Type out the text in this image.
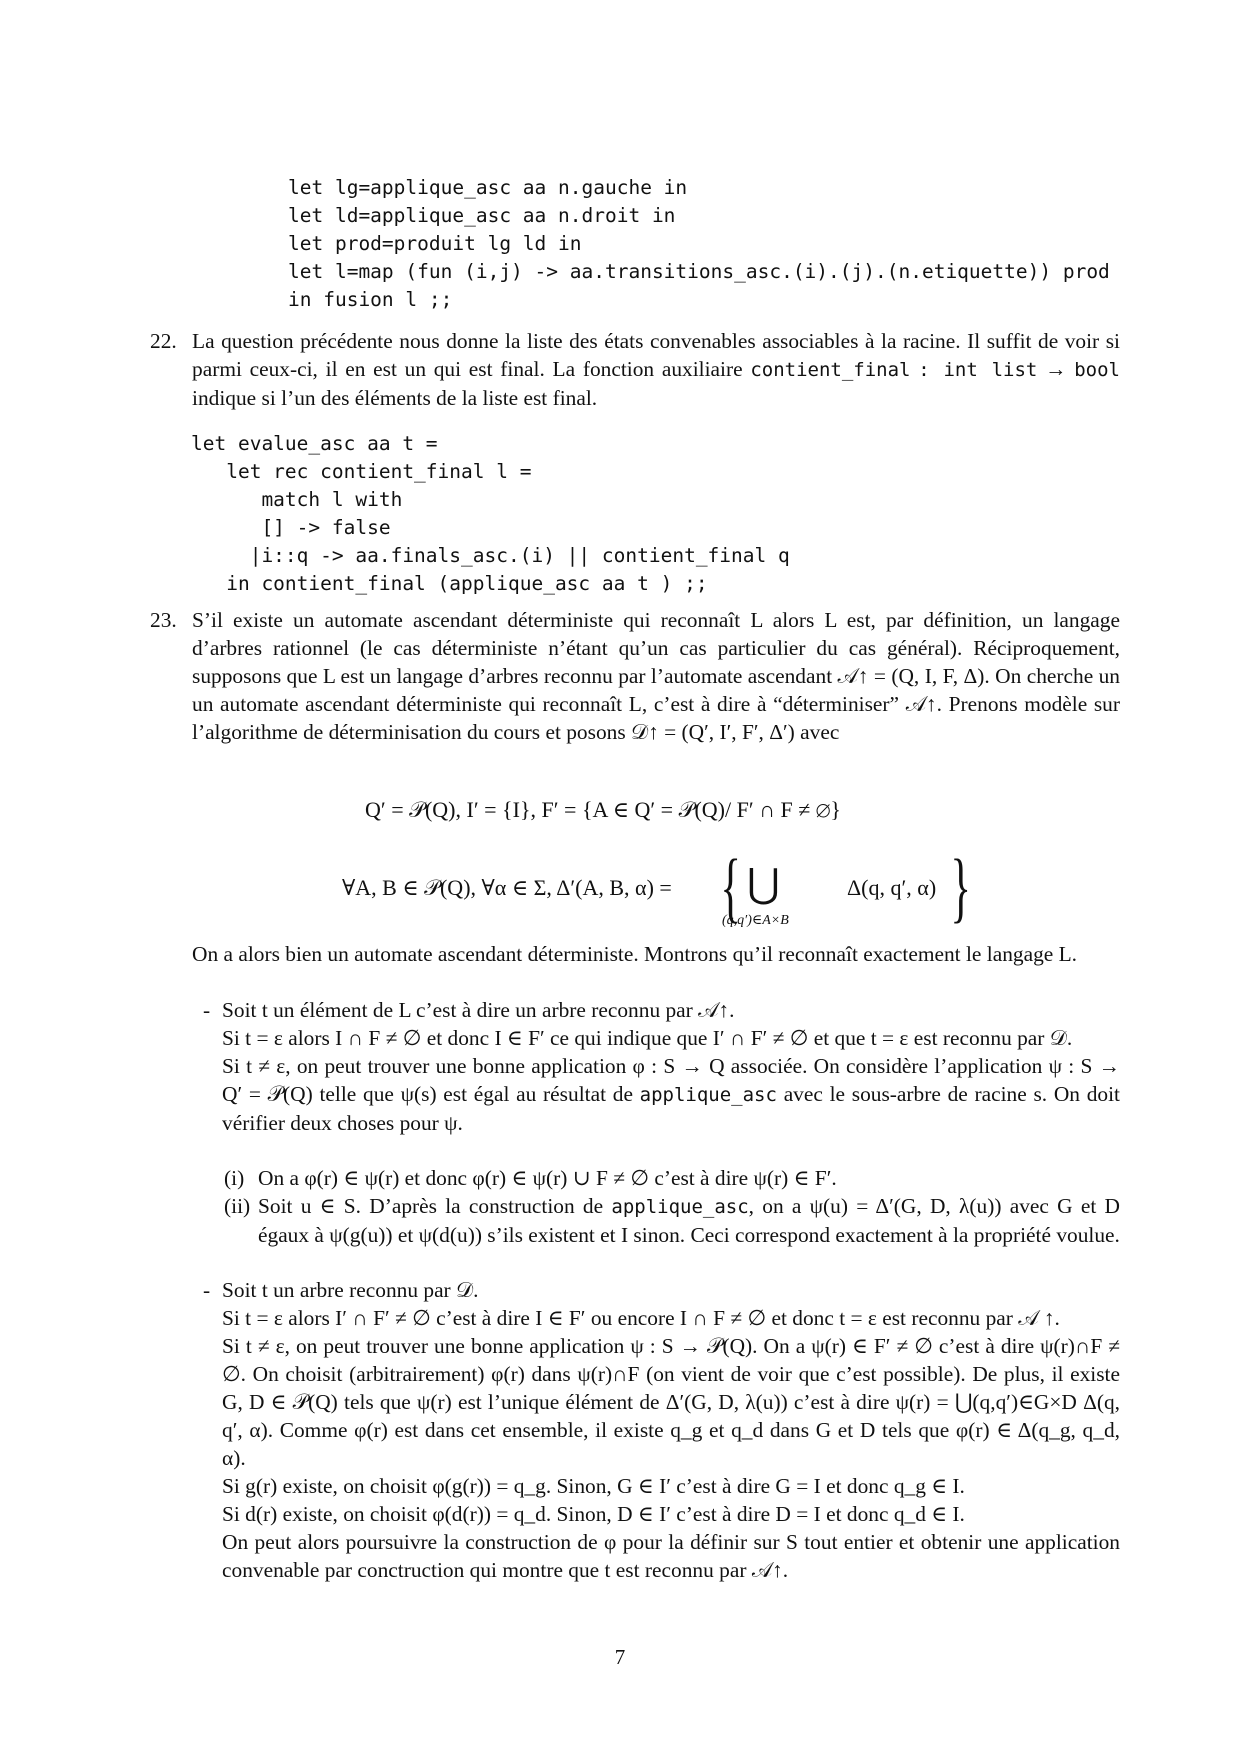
let lg=applique_asc aa n.gauche in
let ld=applique_asc aa n.droit in
let prod=produit lg ld in
let l=map (fun (i,j) -> aa.transitions_asc.(i).(j).(n.etiquette)) prod
in fusion l ;;
22. La question précédente nous donne la liste des états convenables associables à la racine. Il suffit de voir si parmi ceux-ci, il en est un qui est final. La fonction auxiliaire contient_final : int list → bool indique si l’un des éléments de la liste est final.
let evalue_asc aa t =
let rec contient_final l =
match l with
[] -> false
|i::q -> aa.finals_asc.(i) || contient_final q
in contient_final (applique_asc aa t ) ;;
23. S’il existe un automate ascendant déterministe qui reconnaît L alors L est, par définition, un langage d’arbres rationnel (le cas déterministe n’étant qu’un cas particulier du cas général). Réciproquement, supposons que L est un langage d’arbres reconnu par l’automate ascendant 𝒜↑ = (Q, I, F, Δ). On cherche un un automate ascendant déterministe qui reconnaît L, c’est à dire à “déterminiser” 𝒜↑. Prenons modèle sur l’algorithme de déterminisation du cours et posons 𝒟↑ = (Q′, I′, F′, Δ′) avec
Q′ = 𝒫(Q), I′ = {I}, F′ = {A ∈ Q′ = 𝒫(Q)/ F′ ∩ F ≠ ∅}
∀A, B ∈ 𝒫(Q), ∀α ∈ Σ, Δ′(A, B, α) = { ⋃
(q,q′)∈A×B
Δ(q, q′, α) }
On a alors bien un automate ascendant déterministe. Montrons qu’il reconnaît exactement le langage L.
- Soit t un élément de L c’est à dire un arbre reconnu par 𝒜↑.
Si t = ε alors I ∩ F ≠ ∅ et donc I ∈ F′ ce qui indique que I′ ∩ F′ ≠ ∅ et que t = ε est reconnu par 𝒟.
Si t ≠ ε, on peut trouver une bonne application φ : S → Q associée. On considère l’application ψ : S → Q′ = 𝒫(Q) telle que ψ(s) est égal au résultat de applique_asc avec le sous-arbre de racine s. On doit vérifier deux choses pour ψ.
(i) On a φ(r) ∈ ψ(r) et donc φ(r) ∈ ψ(r) ∪ F ≠ ∅ c’est à dire ψ(r) ∈ F′.
(ii) Soit u ∈ S. D’après la construction de applique_asc, on a ψ(u) = Δ′(G, D, λ(u)) avec G et D égaux à ψ(g(u)) et ψ(d(u)) s’ils existent et I sinon. Ceci correspond exactement à la propriété voulue.
- Soit t un arbre reconnu par 𝒟.
Si t = ε alors I′ ∩ F′ ≠ ∅ c’est à dire I ∈ F′ ou encore I ∩ F ≠ ∅ et donc t = ε est reconnu par 𝒜 ↑.
Si t ≠ ε, on peut trouver une bonne application ψ : S → 𝒫(Q). On a ψ(r) ∈ F′ ≠ ∅ c’est à dire ψ(r)∩F ≠ ∅. On choisit (arbitrairement) φ(r) dans ψ(r)∩F (on vient de voir que c’est possible). De plus, il existe G, D ∈ 𝒫(Q) tels que ψ(r) est l’unique élément de Δ′(G, D, λ(u)) c’est à dire ψ(r) = ⋃(q,q′)∈G×D Δ(q, q′, α). Comme φ(r) est dans cet ensemble, il existe q_g et q_d dans G et D tels que φ(r) ∈ Δ(q_g, q_d, α).
Si g(r) existe, on choisit φ(g(r)) = q_g. Sinon, G ∈ I′ c’est à dire G = I et donc q_g ∈ I.
Si d(r) existe, on choisit φ(d(r)) = q_d. Sinon, D ∈ I′ c’est à dire D = I et donc q_d ∈ I.
On peut alors poursuivre la construction de φ pour la définir sur S tout entier et obtenir une application convenable par conctruction qui montre que t est reconnu par 𝒜↑.
7
